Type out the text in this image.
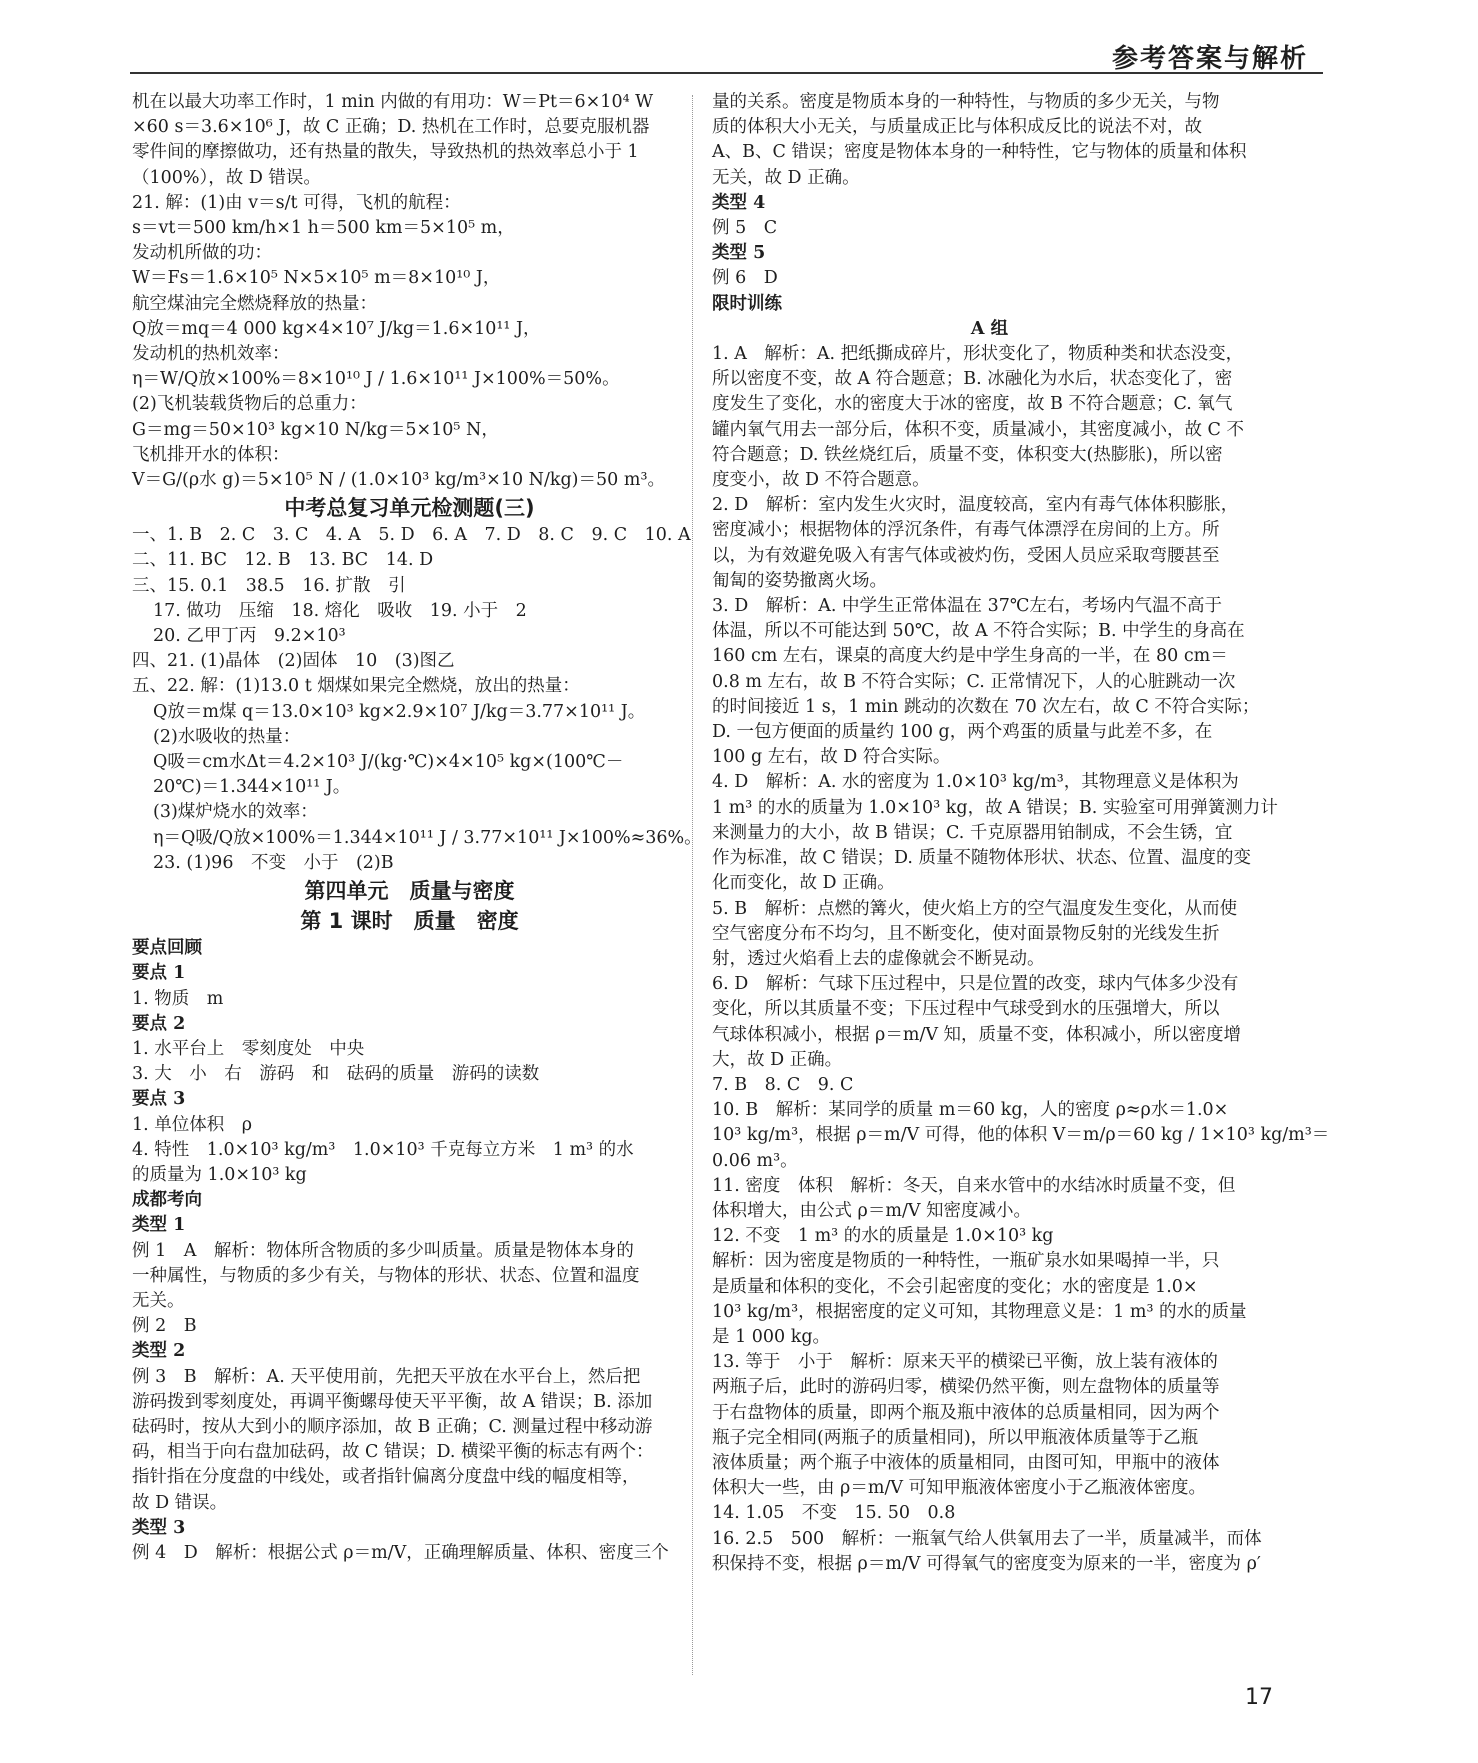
参考答案与解析
机在以最大功率工作时，1 min 内做的有用功：W＝Pt＝6×10⁴ W
×60 s＝3.6×10⁶ J，故 C 正确；D. 热机在工作时，总要克服机器
零件间的摩擦做功，还有热量的散失，导致热机的热效率总小于 1
（100%），故 D 错误。
21. 解：(1)由 v＝s/t 可得，飞机的航程：
s＝vt＝500 km/h×1 h＝500 km＝5×10⁵ m，
发动机所做的功：
W＝Fs＝1.6×10⁵ N×5×10⁵ m＝8×10¹⁰ J，
航空煤油完全燃烧释放的热量：
Q放＝mq＝4 000 kg×4×10⁷ J/kg＝1.6×10¹¹ J，
发动机的热机效率：
η＝W/Q放×100%＝8×10¹⁰ J / 1.6×10¹¹ J×100%＝50%。
(2)飞机装载货物后的总重力：
G＝mg＝50×10³ kg×10 N/kg＝5×10⁵ N，
飞机排开水的体积：
V＝G/(ρ水 g)＝5×10⁵ N / (1.0×10³ kg/m³×10 N/kg)＝50 m³。
中考总复习单元检测题(三)
一、1. B　2. C　3. C　4. A　5. D　6. A　7. D　8. C　9. C　10. A
二、11. BC　12. B　13. BC　14. D
三、15. 0.1　38.5　16. 扩散　引
17. 做功　压缩　18. 熔化　吸收　19. 小于　2
20. 乙甲丁丙　9.2×10³
四、21. (1)晶体　(2)固体　10　(3)图乙
五、22. 解：(1)13.0 t 烟煤如果完全燃烧，放出的热量：
Q放＝m煤 q＝13.0×10³ kg×2.9×10⁷ J/kg＝3.77×10¹¹ J。
(2)水吸收的热量：
Q吸＝cm水Δt＝4.2×10³ J/(kg·℃)×4×10⁵ kg×(100℃－
20℃)＝1.344×10¹¹ J。
(3)煤炉烧水的效率：
η＝Q吸/Q放×100%＝1.344×10¹¹ J / 3.77×10¹¹ J×100%≈36%。
23. (1)96　不变　小于　(2)B
第四单元　质量与密度
第 1 课时　质量　密度
要点回顾
要点 1
1. 物质　m
要点 2
1. 水平台上　零刻度处　中央
3. 大　小　右　游码　和　砝码的质量　游码的读数
要点 3
1. 单位体积　ρ
4. 特性　1.0×10³ kg/m³　1.0×10³ 千克每立方米　1 m³ 的水
的质量为 1.0×10³ kg
成都考向
类型 1
例 1　A　解析：物体所含物质的多少叫质量。质量是物体本身的
一种属性，与物质的多少有关，与物体的形状、状态、位置和温度
无关。
例 2　B
类型 2
例 3　B　解析：A. 天平使用前，先把天平放在水平台上，然后把
游码拨到零刻度处，再调平衡螺母使天平平衡，故 A 错误；B. 添加
砝码时，按从大到小的顺序添加，故 B 正确；C. 测量过程中移动游
码，相当于向右盘加砝码，故 C 错误；D. 横梁平衡的标志有两个：
指针指在分度盘的中线处，或者指针偏离分度盘中线的幅度相等，
故 D 错误。
类型 3
例 4　D　解析：根据公式 ρ＝m/V，正确理解质量、体积、密度三个
量的关系。密度是物质本身的一种特性，与物质的多少无关，与物
质的体积大小无关，与质量成正比与体积成反比的说法不对，故
A、B、C 错误；密度是物体本身的一种特性，它与物体的质量和体积
无关，故 D 正确。
类型 4
例 5　C
类型 5
例 6　D
限时训练
A 组
1. A　解析：A. 把纸撕成碎片，形状变化了，物质种类和状态没变，
所以密度不变，故 A 符合题意；B. 冰融化为水后，状态变化了，密
度发生了变化，水的密度大于冰的密度，故 B 不符合题意；C. 氧气
罐内氧气用去一部分后，体积不变，质量减小，其密度减小，故 C 不
符合题意；D. 铁丝烧红后，质量不变，体积变大(热膨胀)，所以密
度变小，故 D 不符合题意。
2. D　解析：室内发生火灾时，温度较高，室内有毒气体体积膨胀，
密度减小；根据物体的浮沉条件，有毒气体漂浮在房间的上方。所
以，为有效避免吸入有害气体或被灼伤，受困人员应采取弯腰甚至
匍匐的姿势撤离火场。
3. D　解析：A. 中学生正常体温在 37℃左右，考场内气温不高于
体温，所以不可能达到 50℃，故 A 不符合实际；B. 中学生的身高在
160 cm 左右，课桌的高度大约是中学生身高的一半，在 80 cm＝
0.8 m 左右，故 B 不符合实际；C. 正常情况下，人的心脏跳动一次
的时间接近 1 s，1 min 跳动的次数在 70 次左右，故 C 不符合实际；
D. 一包方便面的质量约 100 g，两个鸡蛋的质量与此差不多，在
100 g 左右，故 D 符合实际。
4. D　解析：A. 水的密度为 1.0×10³ kg/m³，其物理意义是体积为
1 m³ 的水的质量为 1.0×10³ kg，故 A 错误；B. 实验室可用弹簧测力计
来测量力的大小，故 B 错误；C. 千克原器用铂制成，不会生锈，宜
作为标准，故 C 错误；D. 质量不随物体形状、状态、位置、温度的变
化而变化，故 D 正确。
5. B　解析：点燃的篝火，使火焰上方的空气温度发生变化，从而使
空气密度分布不均匀，且不断变化，使对面景物反射的光线发生折
射，透过火焰看上去的虚像就会不断晃动。
6. D　解析：气球下压过程中，只是位置的改变，球内气体多少没有
变化，所以其质量不变；下压过程中气球受到水的压强增大，所以
气球体积减小，根据 ρ＝m/V 知，质量不变，体积减小，所以密度增
大，故 D 正确。
7. B　8. C　9. C
10. B　解析：某同学的质量 m＝60 kg，人的密度 ρ≈ρ水＝1.0×
10³ kg/m³，根据 ρ＝m/V 可得，他的体积 V＝m/ρ＝60 kg / 1×10³ kg/m³＝
0.06 m³。
11. 密度　体积　解析：冬天，自来水管中的水结冰时质量不变，但
体积增大，由公式 ρ＝m/V 知密度减小。
12. 不变　1 m³ 的水的质量是 1.0×10³ kg
解析：因为密度是物质的一种特性，一瓶矿泉水如果喝掉一半，只
是质量和体积的变化，不会引起密度的变化；水的密度是 1.0×
10³ kg/m³，根据密度的定义可知，其物理意义是：1 m³ 的水的质量
是 1 000 kg。
13. 等于　小于　解析：原来天平的横梁已平衡，放上装有液体的
两瓶子后，此时的游码归零，横梁仍然平衡，则左盘物体的质量等
于右盘物体的质量，即两个瓶及瓶中液体的总质量相同，因为两个
瓶子完全相同(两瓶子的质量相同)，所以甲瓶液体质量等于乙瓶
液体质量；两个瓶子中液体的质量相同，由图可知，甲瓶中的液体
体积大一些，由 ρ＝m/V 可知甲瓶液体密度小于乙瓶液体密度。
14. 1.05　不变　15. 50　0.8
16. 2.5　500　解析：一瓶氧气给人供氧用去了一半，质量减半，而体
积保持不变，根据 ρ＝m/V 可得氧气的密度变为原来的一半，密度为 ρ′
17
